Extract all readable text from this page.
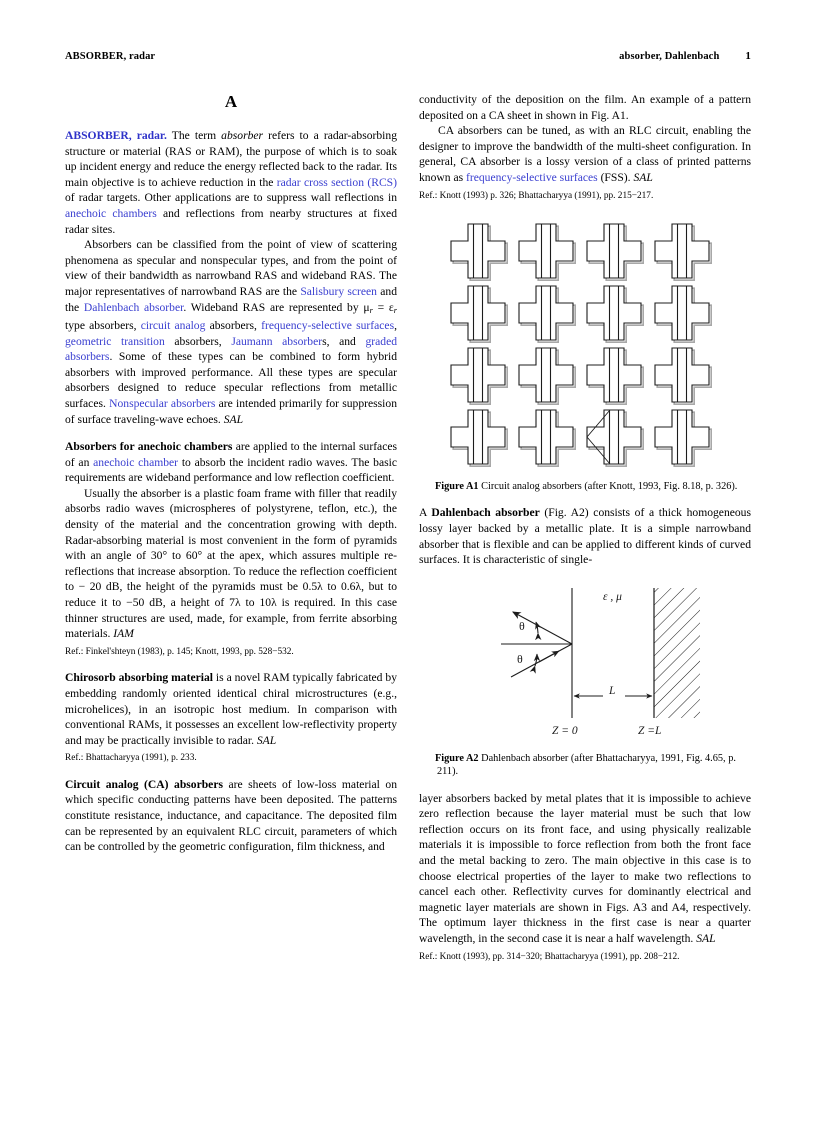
ABSORBER, radar	absorber, Dahlenbach 1
A

ABSORBER, radar. The term absorber refers to a radar-absorbing structure or material (RAS or RAM), the purpose of which is to soak up incident energy and reduce the energy reflected back to the radar. Its main objective is to achieve reduction in the radar cross section (RCS) of radar targets. Other applications are to suppress wall reflections in anechoic chambers and reflections from nearby structures at fixed radar sites.

Absorbers can be classified from the point of view of scattering phenomena as specular and nonspecular types, and from the point of view of their bandwidth as narrowband RAS and wideband RAS. The major representatives of narrowband RAS are the Salisbury screen and the Dahlenbach absorber. Wideband RAS are represented by $\mu_r = \varepsilon_r$ type absorbers, circuit analog absorbers, frequency-selective surfaces, geometric transition absorbers, Jaumann absorbers, and graded absorbers. Some of these types can be combined to form hybrid absorbers with improved performance. All these types are specular absorbers designed to reduce specular reflections from metallic surfaces. Nonspecular absorbers are intended primarily for suppression of surface traveling-wave echoes. SAL

Absorbers for anechoic chambers are applied to the internal surfaces of an anechoic chamber to absorb the incident radio waves. The basic requirements are wideband performance and low reflection coefficient.

Usually the absorber is a plastic foam frame with filler that readily absorbs radio waves (microspheres of polystyrene, teflon, etc.), the density of the material and the concentration growing with depth. Radar-absorbing material is most convenient in the form of pyramids with an angle of 30° to 60° at the apex, which assures multiple re-reflections that increase absorption. To reduce the reflection coefficient to − 20 dB, the height of the pyramids must be 0.5λ to 0.6λ, but to reduce it to −50 dB, a height of 7λ to 10λ is required. In this case thinner structures are used, made, for example, from ferrite absorbing materials. IAM

Ref.: Finkel'shteyn (1983), p. 145; Knott, 1993, pp. 528−532.

Chirosorb absorbing material is a novel RAM typically fabricated by embedding randomly oriented identical chiral microstructures (e.g., microhelices), in an isotropic host medium. In comparison with conventional RAMs, it possesses an excellent low-reflectivity property and may be practically invisible to radar. SAL

Ref.: Bhattacharyya (1991), p. 233.

Circuit analog (CA) absorbers are sheets of low-loss material on which specific conducting patterns have been deposited. The patterns constitute resistance, inductance, and capacitance. The deposited film can be represented by an equivalent RLC circuit, parameters of which can be controlled by the geometric configuration, film thickness, and

conductivity of the deposition on the film. An example of a pattern deposited on a CA sheet in shown in Fig. A1.

CA absorbers can be tuned, as with an RLC circuit, enabling the designer to improve the bandwidth of the multi-sheet configuration. In general, CA absorber is a lossy version of a class of printed patterns known as frequency-selective surfaces (FSS). SAL

Ref.: Knott (1993) p. 326; Bhattacharyya (1991), pp. 215−217.

Figure A1 Circuit analog absorbers (after Knott, 1993, Fig. 8.18, p. 326).

A Dahlenbach absorber (Fig. A2) consists of a thick homogeneous lossy layer backed by a metallic plate. It is a simple narrowband absorber that is flexible and can be applied to different kinds of curved surfaces. It is characteristic of single-

ε , μ
θ
θ
L
Z = 0	Z =L

Figure A2 Dahlenbach absorber (after Bhattacharyya, 1991, Fig. 4.65, p. 211).

layer absorbers backed by metal plates that it is impossible to achieve zero reflection because the layer material must be such that low reflection occurs on its front face, and using physically realizable materials it is impossible to force reflection from both the front face and the metal backing to zero. The main objective in this case is to choose electrical properties of the layer to make two reflections to cancel each other. Reflectivity curves for dominantly electrical and magnetic layer materials are shown in Figs. A3 and A4, respectively. The optimum layer thickness in the first case is near a quarter wavelength, in the second case it is near a half wavelength. SAL

Ref.: Knott (1993), pp. 314−320; Bhattacharyya (1991), pp. 208−212.
